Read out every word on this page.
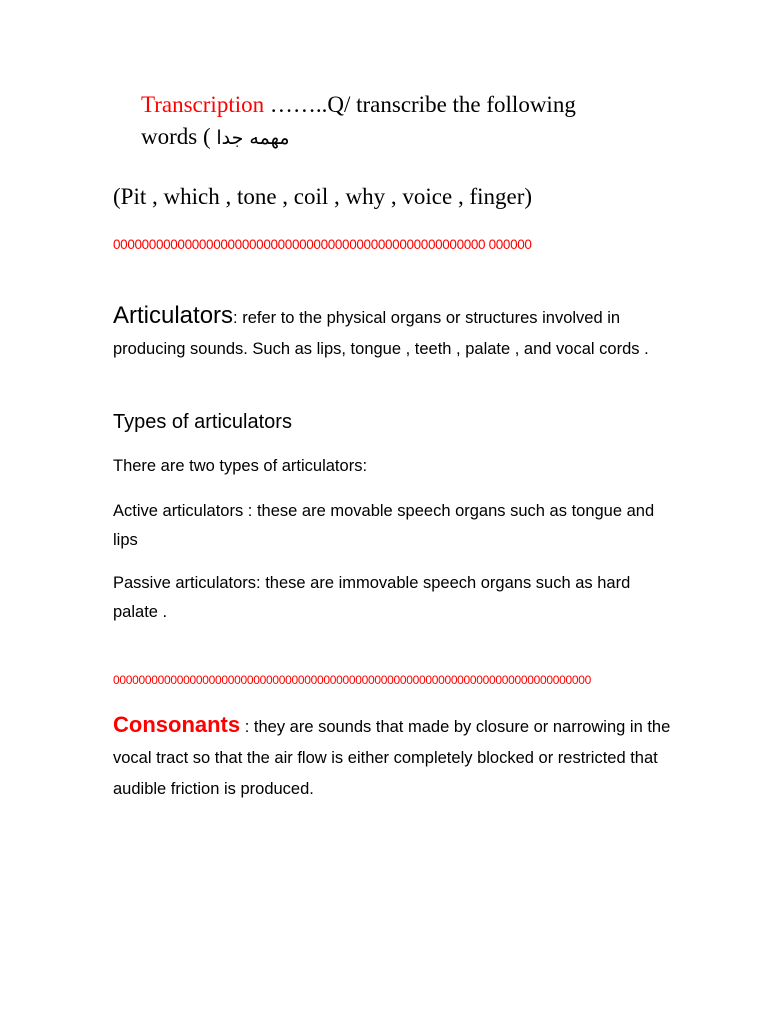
Transcription ……..Q/ transcribe the following
words ( مهمه جدا
(Pit , which , tone , coil , why , voice , finger)
0000000000000000000000000000000000000000000000000000 000000
Articulators: refer to the physical organs or structures involved in producing sounds. Such as lips, tongue , teeth , palate , and vocal cords .
Types of articulators
There are two types of articulators:
Active articulators : these are movable speech organs such as tongue and lips
Passive articulators: these are immovable speech organs such as hard palate .
000000000000000000000000000000000000000000000000000000000000000000000000000
Consonants : they are sounds that made by closure or narrowing in the vocal tract so that the air flow is either completely blocked or restricted that audible friction is produced.
